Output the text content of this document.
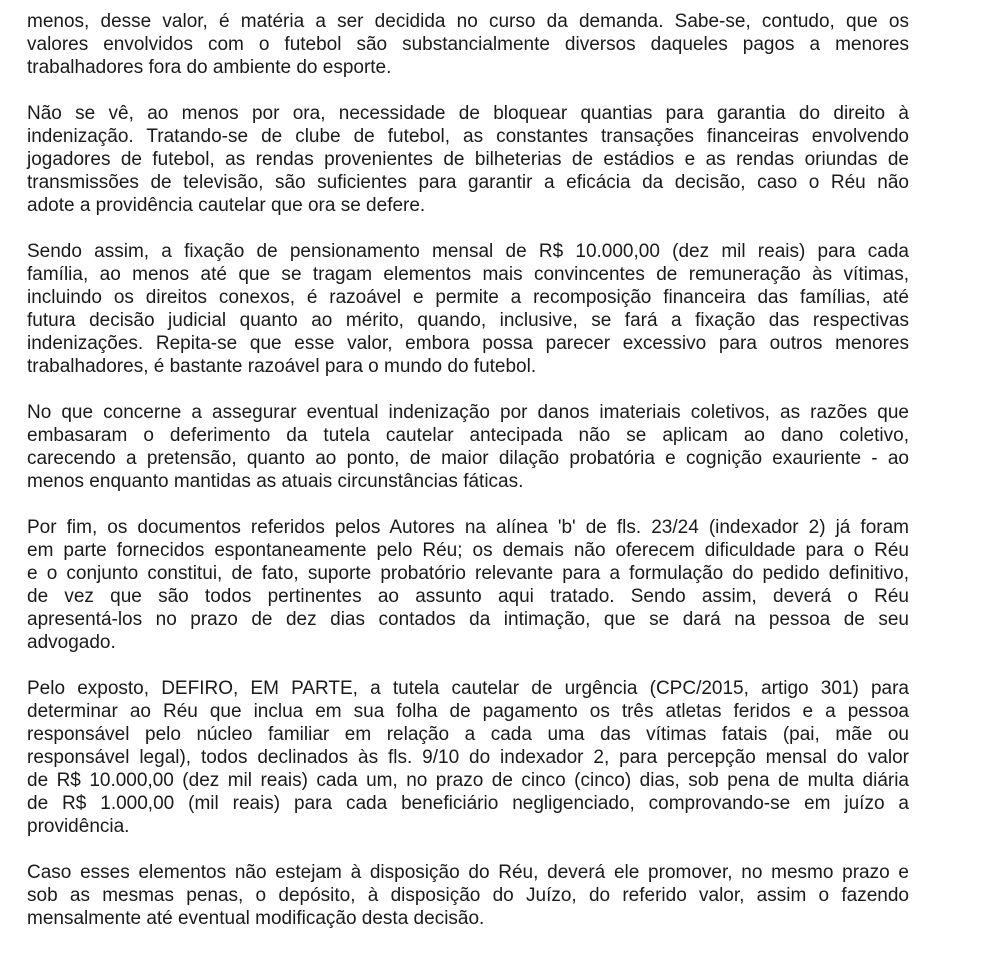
menos, desse valor, é matéria a ser decidida no curso da demanda. Sabe-se, contudo, que os
valores envolvidos com o futebol são substancialmente diversos daqueles pagos a menores
trabalhadores fora do ambiente do esporte.

Não se vê, ao menos por ora, necessidade de bloquear quantias para garantia do direito à
indenização. Tratando-se de clube de futebol, as constantes transações financeiras envolvendo
jogadores de futebol, as rendas provenientes de bilheterias de estádios e as rendas oriundas de
transmissões de televisão, são suficientes para garantir a eficácia da decisão, caso o Réu não
adote a providência cautelar que ora se defere.

Sendo assim, a fixação de pensionamento mensal de R$ 10.000,00 (dez mil reais) para cada
família, ao menos até que se tragam elementos mais convincentes de remuneração às vítimas,
incluindo os direitos conexos, é razoável e permite a recomposição financeira das famílias, até
futura decisão judicial quanto ao mérito, quando, inclusive, se fará a fixação das respectivas
indenizações. Repita-se que esse valor, embora possa parecer excessivo para outros menores
trabalhadores, é bastante razoável para o mundo do futebol.

No que concerne a assegurar eventual indenização por danos imateriais coletivos, as razões que
embasaram o deferimento da tutela cautelar antecipada não se aplicam ao dano coletivo,
carecendo a pretensão, quanto ao ponto, de maior dilação probatória e cognição exauriente - ao
menos enquanto mantidas as atuais circunstâncias fáticas.

Por fim, os documentos referidos pelos Autores na alínea 'b' de fls. 23/24 (indexador 2) já foram
em parte fornecidos espontaneamente pelo Réu; os demais não oferecem dificuldade para o Réu
e o conjunto constitui, de fato, suporte probatório relevante para a formulação do pedido definitivo,
de vez que são todos pertinentes ao assunto aqui tratado. Sendo assim, deverá o Réu
apresentá-los no prazo de dez dias contados da intimação, que se dará na pessoa de seu
advogado.

Pelo exposto, DEFIRO, EM PARTE, a tutela cautelar de urgência (CPC/2015, artigo 301) para
determinar ao Réu que inclua em sua folha de pagamento os três atletas feridos e a pessoa
responsável pelo núcleo familiar em relação a cada uma das vítimas fatais (pai, mãe ou
responsável legal), todos declinados às fls. 9/10 do indexador 2, para percepção mensal do valor
de R$ 10.000,00 (dez mil reais) cada um, no prazo de cinco (cinco) dias, sob pena de multa diária
de R$ 1.000,00 (mil reais) para cada beneficiário negligenciado, comprovando-se em juízo a
providência.

Caso esses elementos não estejam à disposição do Réu, deverá ele promover, no mesmo prazo e
sob as mesmas penas, o depósito, à disposição do Juízo, do referido valor, assim o fazendo
mensalmente até eventual modificação desta decisão.
